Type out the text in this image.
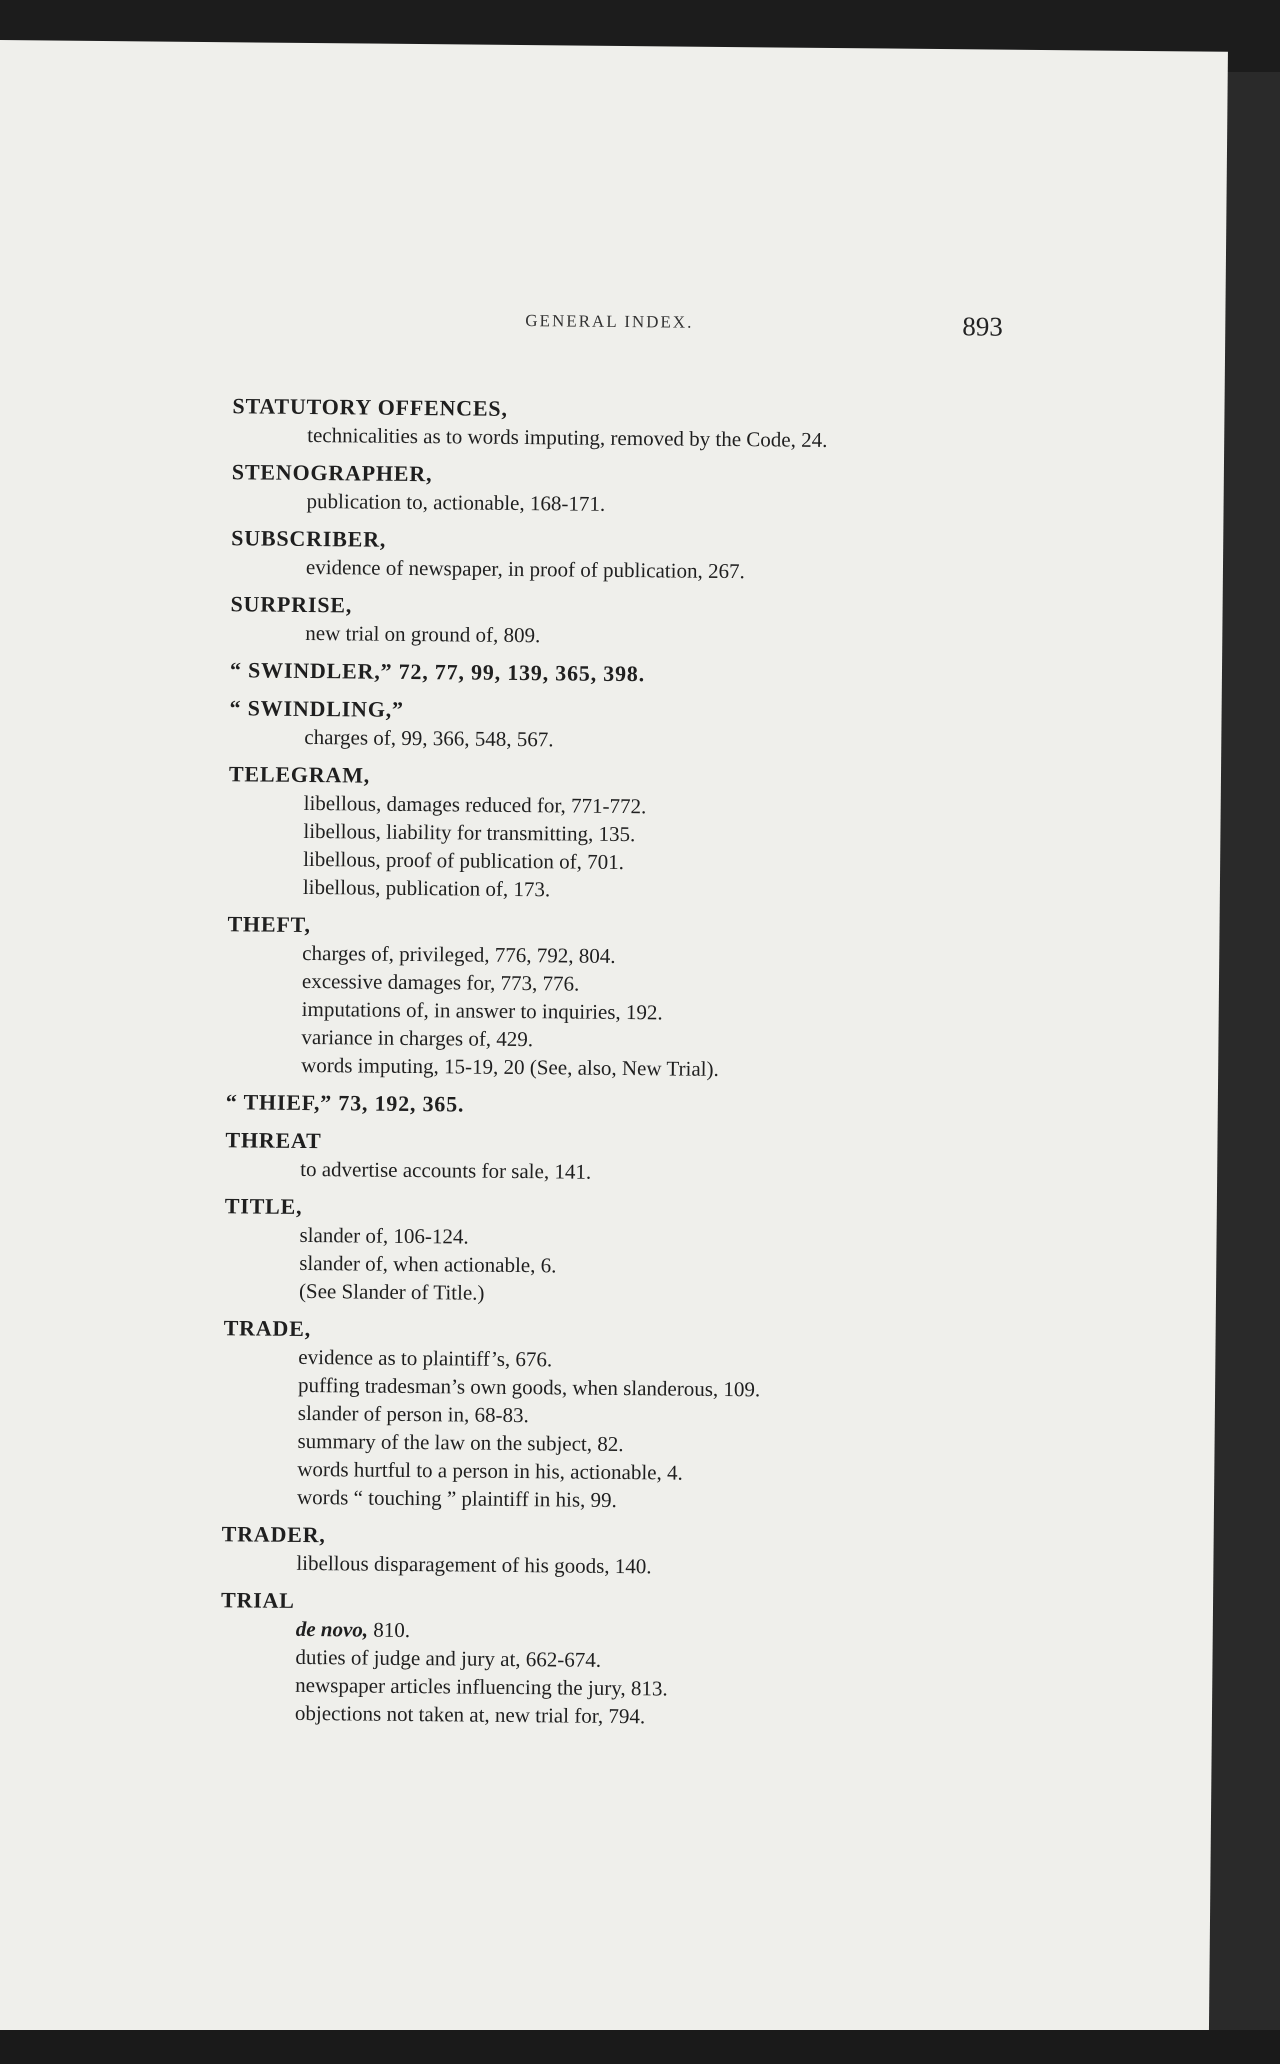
GENERAL INDEX.	893
STATUTORY OFFENCES,
technicalities as to words imputing, removed by the Code, 24.
STENOGRAPHER,
publication to, actionable, 168-171.
SUBSCRIBER,
evidence of newspaper, in proof of publication, 267.
SURPRISE,
new trial on ground of, 809.
“ SWINDLER,” 72, 77, 99, 139, 365, 398.
“ SWINDLING,”
charges of, 99, 366, 548, 567.
TELEGRAM,
libellous, damages reduced for, 771-772.
libellous, liability for transmitting, 135.
libellous, proof of publication of, 701.
libellous, publication of, 173.
THEFT,
charges of, privileged, 776, 792, 804.
excessive damages for, 773, 776.
imputations of, in answer to inquiries, 192.
variance in charges of, 429.
words imputing, 15-19, 20 (See, also, New Trial).
“ THIEF,” 73, 192, 365.
THREAT
to advertise accounts for sale, 141.
TITLE,
slander of, 106-124.
slander of, when actionable, 6.
(See Slander of Title.)
TRADE,
evidence as to plaintiff’s, 676.
puffing tradesman’s own goods, when slanderous, 109.
slander of person in, 68-83.
summary of the law on the subject, 82.
words hurtful to a person in his, actionable, 4.
words “ touching ” plaintiff in his, 99.
TRADER,
libellous disparagement of his goods, 140.
TRIAL
de novo, 810.
duties of judge and jury at, 662-674.
newspaper articles influencing the jury, 813.
objections not taken at, new trial for, 794.
